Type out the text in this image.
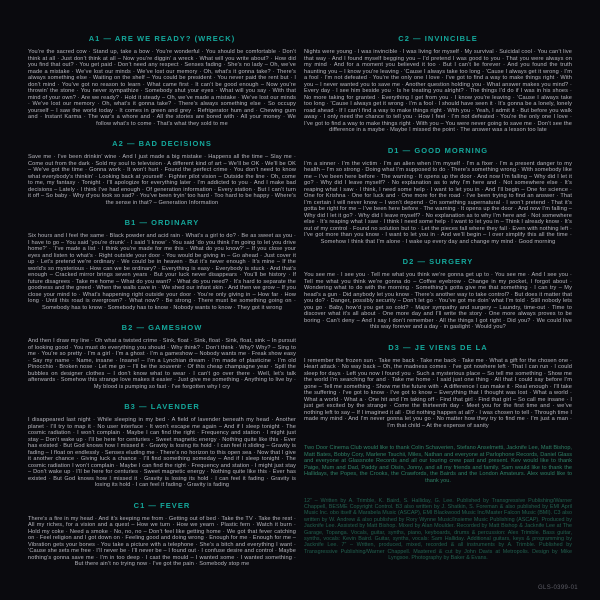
A1 — ARE WE READY? (WRECK)

You’re the sacred cow · Stand up, take a bow · You’re wonderful · You should be comfortable · Don’t think at all · Just don’t think at all – Now you’re diggin’ a wreck · What will you write about? · How did you find that out? · You get paid · Don’t need any respect · Senses fading · She’s no lady – Oh, we’ve made a mistake · We’ve lost our minds · We’ve lost our memory · Oh, what’s it gonna take? · There’s always something else · Waiting on the shelf – You could be president · You never paid the rent but · I don’t mind · You’ve got no reason to learn · What came first · It can’t be good enough – Now you’re throwin’ the stone · You never sympathize · Somebody shut your eyes · What will you say · With that mind of your own? · Are we ready? · Hold it steady – Oh, we’ve made a mistake · We’ve lost our minds · We’ve lost our memory · Oh, what’s it gonna take? · There’s always something else · So occupy yourself – I saw the world today · It comes in green and grey · Refrigerator hum and · Chewing gum and · Instant Karma · The war’s a whore and · All the stories are bored with · All your money · We follow what’s to come · That’s what they sold to me

A2 — BAD DECISIONS

Save me · I’ve been drinkin’ wine · And I just made a big mistake · Happens all the time – Slay me · Come out from the dark · Sold my soul to television · A different kind of art – We’ll be OK · We’ll be OK – We’ve got the time · Gonna work · It won’t hurt · Found the perfect crime · You don’t need to know what everybody’s thinkin’ · Looking back at yourself · Fighter pilot vision – Outside the line · Oh, come to me, my fantasy · Tonight · I’ll apologize for everything later · I’m addicted to you · And I make bad decisions – Lately · I think I’ve had enough · Of generation information · Every station · But I can’t turn it off – So baby · Why d’you look so sad? · You’ve been tryin’ too hard · Too hard to be happy · Where’s the sense in that? – Generation Information

B1 — ORDINARY

Six hours and I feel the same · Black powder and acid rain · What’s a girl to do? · Be as sweet as you · I have to go – You said ‘you’re drunk’ · I said ‘I know’ · You said ‘do you think I’m going to let you drive home?’ · ‘I’ve made a list · I think you’re made for me this · What do you know?’ – If you close your eyes and listen to what’s · Right outside your door · You would be giving in – Go ahead · Just cover it up · Let’s pretend we’re ordinary · We could be in heaven · But it’s never enough · It’s mine – If the world’s so mysterious · How can we be ordinary? · Everything is easy · Everybody is stuck · And that’s enough – Cracked mirror brings seven years · But your luck never disappears · You’ll be history · If future disagrees · Take me home – What do you want? · What do you need? · It’s hard to separate the goodness and the greed · When the walls cave in · We shed our infant skin · And then we grow – If you close your mind to · What’s happening right outside your door · You’re only giving in – How far · How long · Until this road is overgrown? · What now? · Be strong · There must be something going on · Somebody has to know · Somebody has to know · Nobody wants to know · They got it wrong

B2 — GAMESHOW

And then I draw my line · Oh what a twisted crime · Sink, float · Sink, float · Sink, float, sink – In pursuit of looking good · You must do everything you should · Why think? · Don’t think · Why? Why? – Sing to me · You’re so pretty · I’m a girl · I’m a ghost · I’m a gameshow – Nobody wants me · Freak show easy · Say my name · Name, insane · Insane! – I’m a Lynchian dream · I’m made of plasticine · I’m old Pinocchio · Broken nose · Let me go – I’ll be the souvenir · Of this cheap champagne year · Spill the bubbles on designer clothes – I don’t know what to wear · I can’t go over there · Well, let’s talk afterwards · Somehow this strange love makes it easier · Just give me something · Anything to live by · My blood is pumping so fast · I’ve forgotten why I cry

B3 — LAVENDER

I disappeared last night · While sleeping in my bed · A field of lavender beneath my head · Another planet · I’ll try to map it · No user interface · It won’t escape me again – And if I sleep tonight · The cosmic radiation · I won’t complain · Maybe I can find the right · Frequency and station · I might just stay – Don’t wake up · I’ll be here for centuries · Sweet magnetic energy · Nothing quite like this · Ever has existed · But God knows how I missed it · Gravity is losing its hold · I can feel it sliding – Gravity is fading – I float on endlessly · Senses eluding me · There’s no horizon to this open sea · Now that I give it another chance · Giving luck a chance · I’ll find something someday – And if I sleep tonight · The cosmic radiation I won’t complain · Maybe I can find the right · Frequency and station · I might just stay – Don’t wake up · I’ll be here for centuries · Sweet magnetic energy · Nothing quite like this · Ever has existed · But God knows how I missed it · Gravity is losing its hold · I can feel it fading · Gravity is losing its hold · I can feel it fading · Gravity is fading

C1 — FEVER

There’s a fire in my head · And it’s keeping me from · Getting out of bed · Take the TV · Take the rest · All my riches, for a vision and a quest – How we turn · How we yearn · Plastic fern · Watch it burn · Hold my coke · Need a smoke · No, no, no – Don’t feel like getting home · We got that fever catching on · Feel religion and I got down on · Feeling good and doing wrong · Enough for me · Enough for me – Vibration gets your bones · You take a picture with a telephone · She’s a bitch and everything I want · ’Cause she sets me free · I’ll never be · I’ll never be – I found out · I confuse desire and control · Maybe nothing’s gonna save me · I’m in too deep · I cast the mould – I wanted some · I wanted something · But there ain’t no trying now · I’ve got the pain · Somebody stop me

C2 — INVINCIBLE

Nights were young · I was invincible · I was living for myself · My survival · Suicidal cool · You can’t live that way · And I found myself begging you – I’d pretend I was good to you · That you were always on my mind · And for a moment you believed it too · But I can’t lie forever · And you found the truth haunting you – I know you’re leaving · ’Cause I always take too long · ’Cause I always get it wrong · I’m a fool · I’m not defeated · You’re the only one I love · I’ve got to find a way to make things right · With you – I never wanted you to save me · Another question holding you · What answer makes you mind? · Every day · I see him beside you · Is he treating you alright? · The things I’d do if I was in his shoes · No more taking for granted · Everything I get from you · I know you’re leaving · ’Cause I always take too long · ’Cause I always get it wrong · I’m a fool · I should have seen it · It’s gonna be a lonely, lonely road ahead · If I can’t find a way to make things right · With you · Yeah, I admit it · But before you walk away · I only need the chance to tell you · How I feel · I’m not defeated · You’re the only one I love · I’ve got to find a way to make things right · With you – You were never going to save me · Don’t see the difference in a maybe · Maybe I missed the point · The answer was a lesson too late

D1 — GOOD MORNING

I’m a sinner · I’m the victim · I’m an alien when I’m myself · I’m a fixer · I’m a present danger to my health – I’m so strong · Doing what I’m supposed to do · There’s something wrong · With somebody like me – I’ve been here before · The warning · It opens up the door · And now I’m falling – Why did I let it go? · Why did I leave myself? · No explanation as to why I’m here and · Not somewhere else · It’s reaping what I saw · I think, I need some help · I want to let you in · And I’ll begin – One for science · One for Krishna · One for luck and · One more for the road · I’ve been trying to find an answer · That I’m certain I will never know – I won’t depend · On something supernatural · I won’t pretend · That it’s gotta be right for me – I’ve been here before · The warning · It opens up the door · And now I’m falling – Why did I let it go? · Why did I leave myself? · No explanation as to why I’m here and · Not somewhere else · It’s reaping what I saw · I think I need some help · I want to let you in – Think I already know · It’s out of my control · Found no solution but to · Let the pieces fall where they fall · Even with nothing left · I’ve got more than you know · I want to let you in · And we’ll begin – I over simplify this all the time · Somehow I think that I’m alone · I wake up every day and change my mind · Good morning

D2 — SURGERY

You see me · I see you · Tell me what you think we’re gonna get up to · You see me · And I see you · Tell me what you think we’re gonna do – Coffee eyebrow · Change in my pocket, I forgot about · Wondering what to do with the morning · Something’s gotta give me that something · I can try – My head’s a gun · Did anybody let you know · There’s another way to take control? · But does it matter that you do? · Danger, possibly security – Don’t let go · You’ve got me doin’ what I’m told · Still nobody lets you go · Baby, how’d you get so cold? · Major sympathy and surgery – Laundry, time-out · Time to discover what it’s all about · One more day and I’ll write the story · One more always proves to be boring · Can’t deny – And I say I don’t remember · All the things I got right · Did you? · We could live this way forever and a day · in gaslight · Would you?

D3 — JE VIENS DE LA

I remember the frozen sun · Take me back · Take me back · Take me · What a gift for the chosen one · Heart attack · No way back – Oh, the madness comes · I’ve got nowhere left · That I can run · I could sleep for days · Left you now I found you · Such a mysterious place – So tell me something · Show me the world I’m searching for and · Take me home · I said just one thing · All that I could say before I’m gone – Tell me something · Show me the future with · A difference I can make it · Real enough · I’ll take the suffering · I’ve got to know · I’ve got to know – Everything that I thought was lost · What a world · What a world · What a · One hit and I’m taking off · Find that girl · Find that girl – So call me insane · I just get excited by the strange · Come the thirteenth day · Meet you for the first time and · we’ve nothing left to say – If I imagined it all · Did nothing happen at all? · I was chosen to tell · Through time I made my mind · And I’m never gonna let you go · No matter how they try to find me · I’m just a man · I’m that child – At the expense of sanity

Two Door Cinema Club would like to thank Colin Schaverien, Stefano Anselmetti, Jacknife Lee, Matt Bishop, Matt Bates, Bobby Cory, Marlene Tsuchii, Miles, Nathan and everyone at Parlophone Records, Daniel Glass and everyone at Glassnote Records and all our touring crew past and present. Kev would like to thank Paige, Mum and Dad, Paddy and Oisín, Jonny, and all my friends and family. Sam would like to thank the Hallidays, the Popes, the Crooks, the Crawfords, the Bairds and the London Amateurs. Alex would like to thank you.

12” – Written by A. Trimble, K. Baird, S. Halliday, G. Lee. Published by Transgressive Publishing/Warner Chappell, BESME Copyright Control. B3 also written by J. Shatkin, S. Foreman & also published by EMI April Music Inc. obo itself & Marabela Music (ASCAP), EMI Blackwood Music Inc/Master Falcon Music (BMI). C3 also written by W. Andrew & also published by Rory Wynne Music/Insieme Music Publishing (ASCAP). Produced by Jacknife Lee. Assisted by Matt Bishop. Mixed by Alan Moulder. Recorded by Matt Bishop & Jacknife Lee at The Garage, Topanga. Vocals, guitar, synths, piano, keyboards, drums & percussion: Alex Trimble. Bass guitar, synths, vocals: Kevin Baird. Guitar, synths, vocals: Sam Halliday. Additional guitars, keys & programming by Jacknife Lee. 7” – Written, produced, mixed, recorded & all instruments by A. Trimble. Published by Transgressive Publishing/Warner Chappell. Mastered & cut by John Davis at Metropolis. Design by Mike Lyngsoe. Photography by Baker & Evans.

GLS-0399-01
